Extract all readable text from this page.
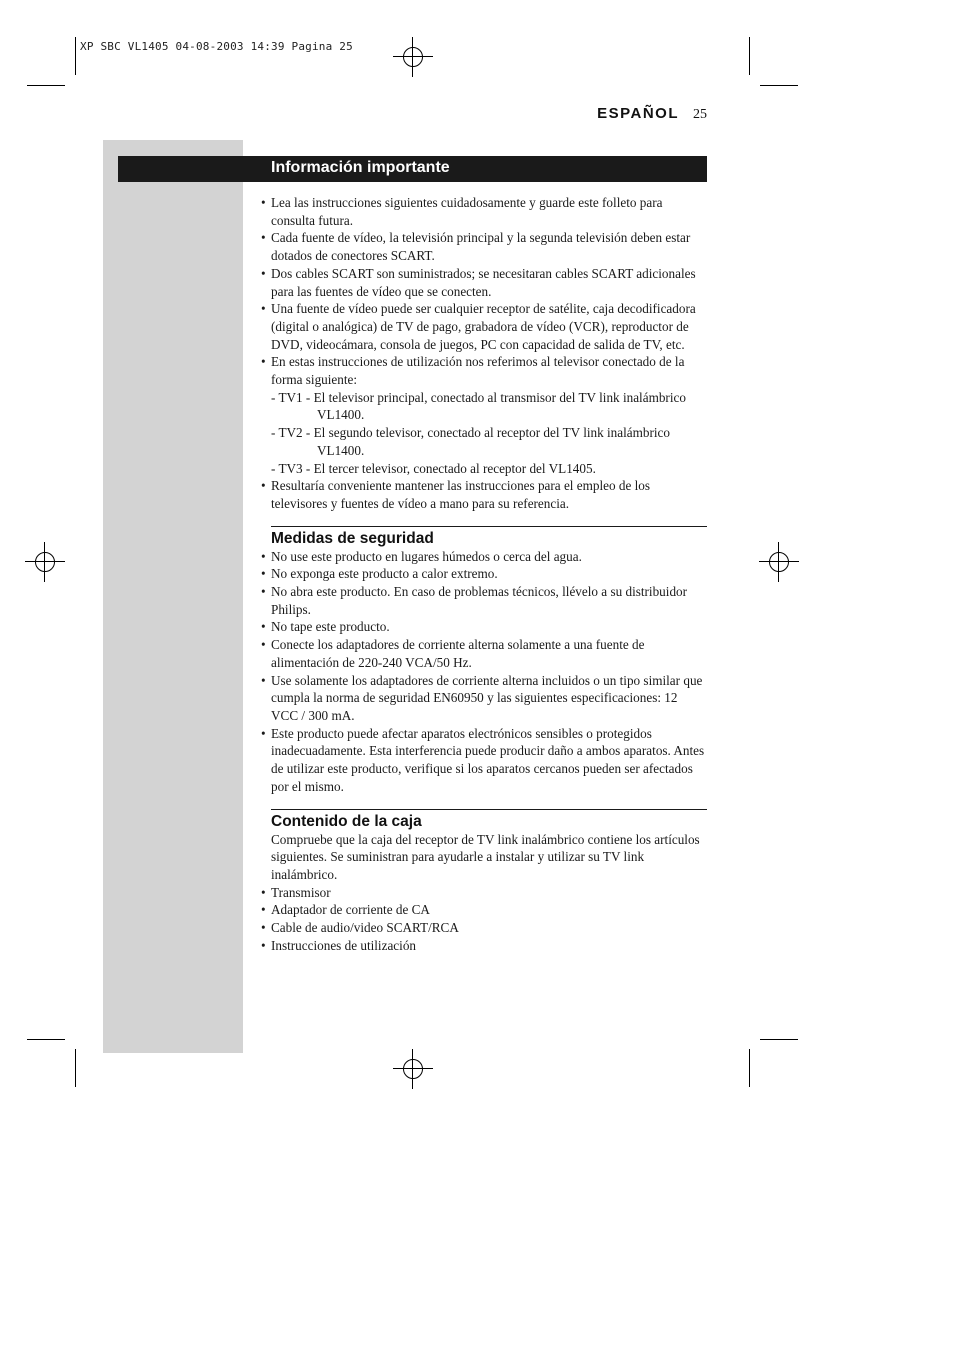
XP SBC VL1405 04-08-2003 14:39 Pagina 25
ESPAÑOL 25
Información importante
• Lea las instrucciones siguientes cuidadosamente y guarde este folleto para consulta futura.
• Cada fuente de vídeo, la televisión principal y la segunda televisión deben estar dotados de conectores SCART.
• Dos cables SCART son suministrados; se necesitaran cables SCART adicionales para las fuentes de vídeo que se conecten.
• Una fuente de vídeo puede ser cualquier receptor de satélite, caja decodificadora (digital o analógica) de TV de pago, grabadora de vídeo (VCR), reproductor de DVD, videocámara, consola de juegos, PC con capacidad de salida de TV, etc.
• En estas instrucciones de utilización nos referimos al televisor conectado de la forma siguiente:
- TV1 - El televisor principal, conectado al transmisor del TV link inalámbrico VL1400.
- TV2 - El segundo televisor, conectado al receptor del TV link inalámbrico VL1400.
- TV3 - El tercer televisor, conectado al receptor del VL1405.
• Resultaría conveniente mantener las instrucciones para el empleo de los televisores y fuentes de vídeo a mano para su referencia.
Medidas de seguridad
• No use este producto en lugares húmedos o cerca del agua.
• No exponga este producto a calor extremo.
• No abra este producto. En caso de problemas técnicos, llévelo a su distribuidor Philips.
• No tape este producto.
• Conecte los adaptadores de corriente alterna solamente a una fuente de alimentación de 220-240 VCA/50 Hz.
• Use solamente los adaptadores de corriente alterna incluidos o un tipo similar que cumpla la norma de seguridad EN60950 y las siguientes especificaciones: 12 VCC / 300 mA.
• Este producto puede afectar aparatos electrónicos sensibles o protegidos inadecuadamente. Esta interferencia puede producir daño a ambos aparatos. Antes de utilizar este producto, verifique si los aparatos cercanos pueden ser afectados por el mismo.
Contenido de la caja

Compruebe que la caja del receptor de TV link inalámbrico contiene los artículos siguientes. Se suministran para ayudarle a instalar y utilizar su TV link inalámbrico.

• Transmisor
• Adaptador de corriente de CA
• Cable de audio/video SCART/RCA
• Instrucciones de utilización
